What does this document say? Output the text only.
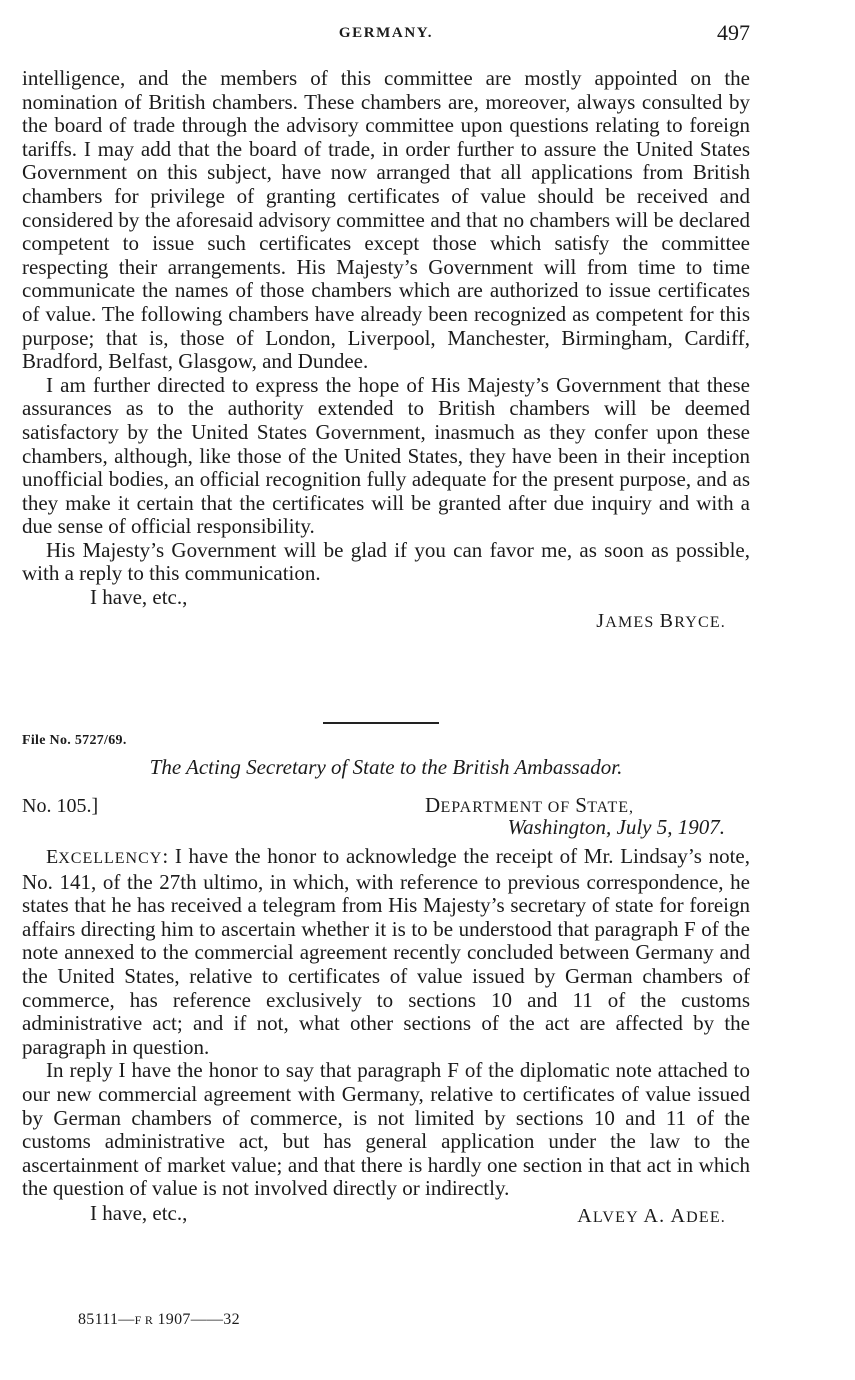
GERMANY.	497

intelligence, and the members of this committee are mostly appointed on the nomination of British chambers. These chambers are, moreover, always consulted by the board of trade through the advisory committee upon questions relating to foreign tariffs. I may add that the board of trade, in order further to assure the United States Government on this subject, have now arranged that all applications from British chambers for privilege of granting certificates of value should be received and considered by the aforesaid advisory committee and that no chambers will be declared competent to issue such certificates except those which satisfy the committee respecting their arrangements. His Majesty’s Government will from time to time communicate the names of those chambers which are authorized to issue certificates of value. The following chambers have already been recognized as competent for this purpose; that is, those of London, Liverpool, Manchester, Birmingham, Cardiff, Bradford, Belfast, Glasgow, and Dundee.

I am further directed to express the hope of His Majesty’s Government that these assurances as to the authority extended to British chambers will be deemed satisfactory by the United States Government, inasmuch as they confer upon these chambers, although, like those of the United States, they have been in their inception unofficial bodies, an official recognition fully adequate for the present purpose, and as they make it certain that the certificates will be granted after due inquiry and with a due sense of official responsibility.

His Majesty’s Government will be glad if you can favor me, as soon as possible, with a reply to this communication.

I have, etc.,

JAMES BRYCE.

File No. 5727/69.
The Acting Secretary of State to the British Ambassador.
No. 105.]	DEPARTMENT OF STATE,
Washington, July 5, 1907.

EXCELLENCY: I have the honor to acknowledge the receipt of Mr. Lindsay’s note, No. 141, of the 27th ultimo, in which, with reference to previous correspondence, he states that he has received a telegram from His Majesty’s secretary of state for foreign affairs directing him to ascertain whether it is to be understood that paragraph F of the note annexed to the commercial agreement recently concluded between Germany and the United States, relative to certificates of value issued by German chambers of commerce, has reference exclusively to sections 10 and 11 of the customs administrative act; and if not, what other sections of the act are affected by the paragraph in question.

In reply I have the honor to say that paragraph F of the diplomatic note attached to our new commercial agreement with Germany, relative to certificates of value issued by German chambers of commerce, is not limited by sections 10 and 11 of the customs administrative act, but has general application under the law to the ascertainment of market value; and that there is hardly one section in that act in which the question of value is not involved directly or indirectly.

I have, etc.,	ALVEY A. ADEE.
85111—F R 1907——32
